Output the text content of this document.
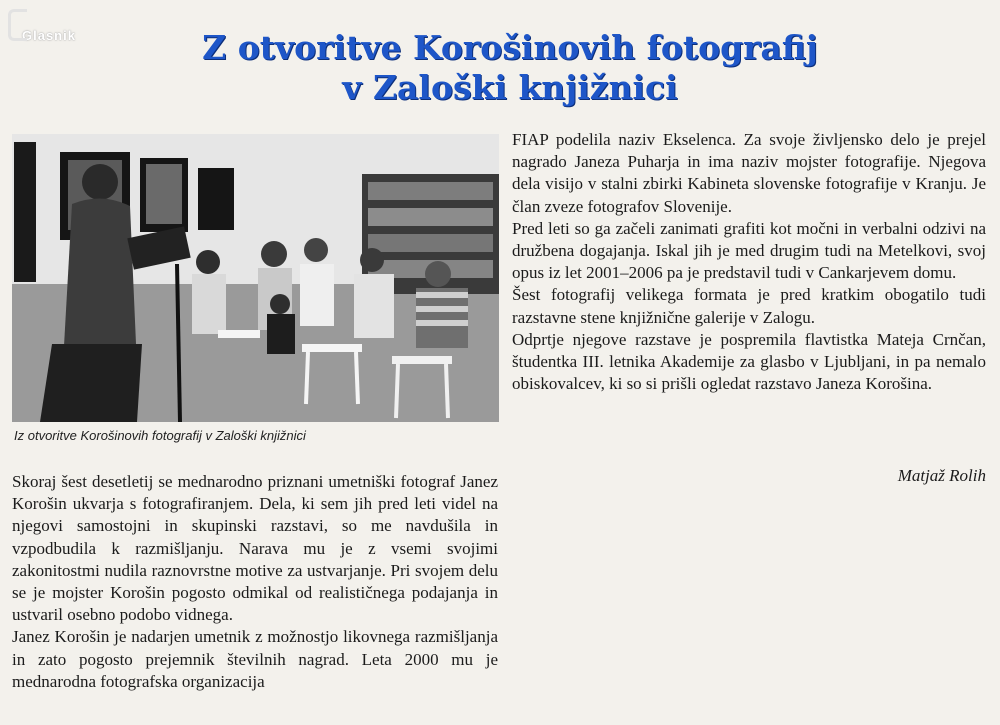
Glasnik	Z otvoritve Korošinovih fotografij
v Zaloški knjižnici
Iz otvoritve Korošinovih fotografij v Zaloški knjižnici

Skoraj šest desetletij se mednarodno priznani umetniški fotograf Janez Korošin ukvarja s fotografiranjem. Dela, ki sem jih pred leti videl na njegovi samostojni in skupinski razstavi, so me navdušila in vzpodbudila k razmišljanju. Narava mu je z vsemi svojimi zakonitostmi nudila raznovrstne motive za ustvarjanje. Pri svojem delu se je mojster Korošin pogosto odmikal od realističnega podajanja in ustvaril osebno podobo vidnega.

Janez Korošin je nadarjen umetnik z možnostjo likovnega razmišljanja in zato pogosto prejemnik številnih nagrad. Leta 2000 mu je mednarodna fotografska organizacija

FIAP podelila naziv Ekselenca. Za svoje življensko delo je prejel nagrado Janeza Puharja in ima naziv mojster fotografije. Njegova dela visijo v stalni zbirki Kabineta slovenske fotografije v Kranju. Je član zveze fotografov Slovenije.

Pred leti so ga začeli zanimati grafiti kot močni in verbalni odzivi na družbena dogajanja. Iskal jih je med drugim tudi na Metelkovi, svoj opus iz let 2001–2006 pa je predstavil tudi v Cankarjevem domu.

Šest fotografij velikega formata je pred kratkim obogatilo tudi razstavne stene knjižnične galerije v Zalogu.

Odprtje njegove razstave je pospremila flavtistka Mateja Crnčan, študentka III. letnika Akademije za glasbo v Ljubljani, in pa nemalo obiskovalcev, ki so si prišli ogledat razstavo Janeza Korošina.

Matjaž Rolih
